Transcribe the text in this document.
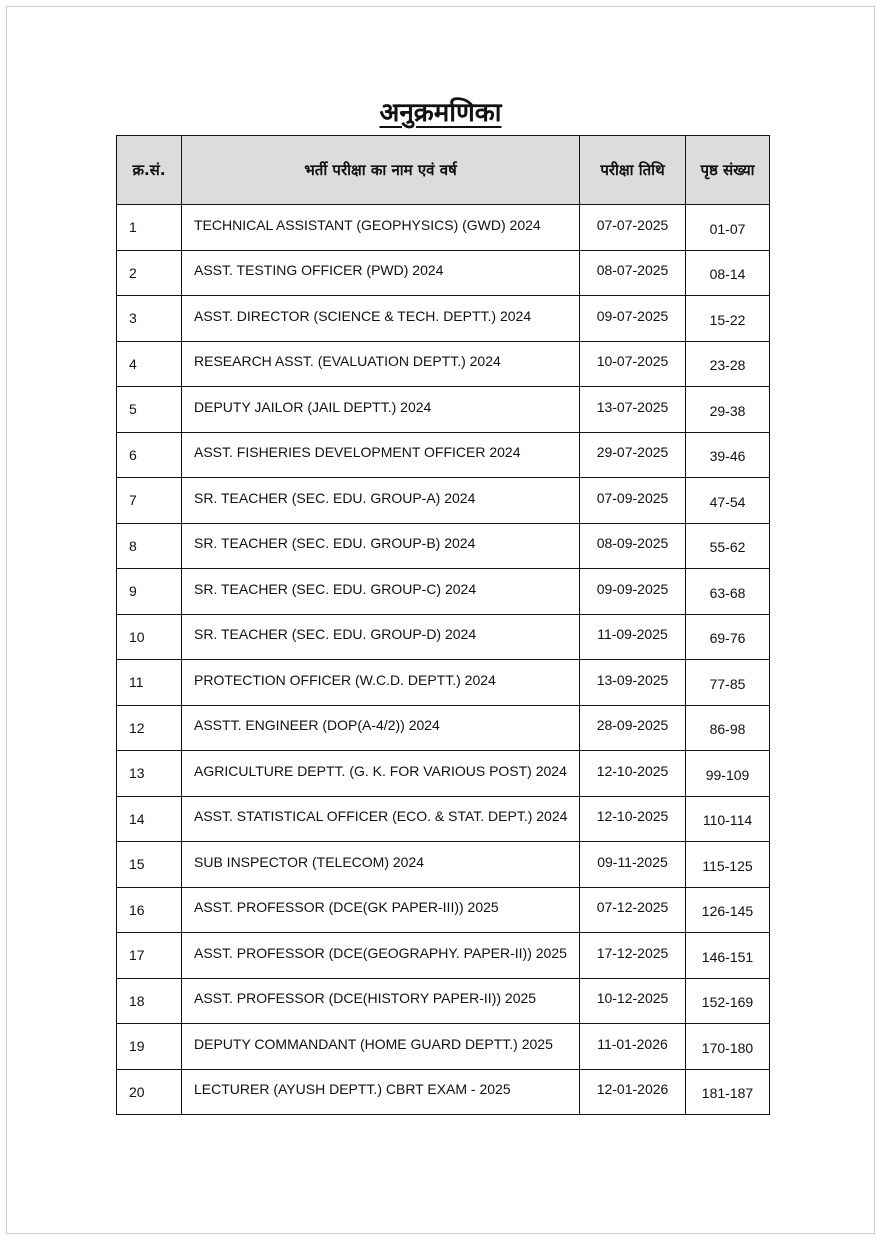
अनुक्रमणिका
क्र.सं.	भर्ती परीक्षा का नाम एवं वर्ष	परीक्षा तिथि	पृष्ठ संख्या
1	TECHNICAL ASSISTANT (GEOPHYSICS) (GWD) 2024	07-07-2025	01-07
2	ASST. TESTING OFFICER (PWD) 2024	08-07-2025	08-14
3	ASST. DIRECTOR (SCIENCE & TECH. DEPTT.) 2024	09-07-2025	15-22
4	RESEARCH ASST. (EVALUATION DEPTT.) 2024	10-07-2025	23-28
5	DEPUTY JAILOR (JAIL DEPTT.) 2024	13-07-2025	29-38
6	ASST. FISHERIES DEVELOPMENT OFFICER 2024	29-07-2025	39-46
7	SR. TEACHER (SEC. EDU. GROUP-A) 2024	07-09-2025	47-54
8	SR. TEACHER (SEC. EDU. GROUP-B) 2024	08-09-2025	55-62
9	SR. TEACHER (SEC. EDU. GROUP-C) 2024	09-09-2025	63-68
10	SR. TEACHER (SEC. EDU. GROUP-D) 2024	11-09-2025	69-76
11	PROTECTION OFFICER (W.C.D. DEPTT.) 2024	13-09-2025	77-85
12	ASSTT. ENGINEER (DOP(A-4/2)) 2024	28-09-2025	86-98
13	AGRICULTURE DEPTT. (G. K. FOR VARIOUS POST) 2024	12-10-2025	99-109
14	ASST. STATISTICAL OFFICER (ECO. & STAT. DEPT.) 2024	12-10-2025	110-114
15	SUB INSPECTOR (TELECOM) 2024	09-11-2025	115-125
16	ASST. PROFESSOR (DCE(GK PAPER-III)) 2025	07-12-2025	126-145
17	ASST. PROFESSOR (DCE(GEOGRAPHY. PAPER-II)) 2025	17-12-2025	146-151
18	ASST. PROFESSOR (DCE(HISTORY PAPER-II)) 2025	10-12-2025	152-169
19	DEPUTY COMMANDANT (HOME GUARD DEPTT.) 2025	11-01-2026	170-180
20	LECTURER (AYUSH DEPTT.) CBRT EXAM - 2025	12-01-2026	181-187
